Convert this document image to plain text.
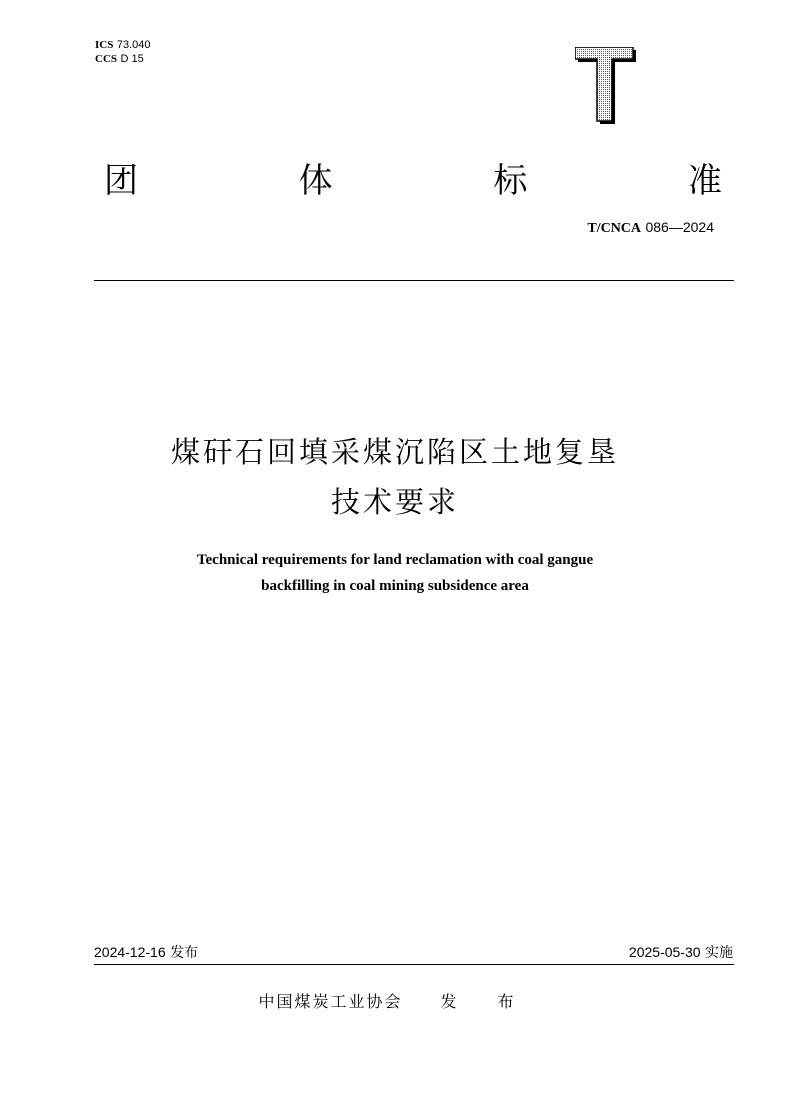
ICS 73.040
CCS D 15
团	体	标	准
T/CNCA 086—2024
煤矸石回填采煤沉陷区土地复垦
技术要求
Technical requirements for land reclamation with coal gangue
backfilling in coal mining subsidence area
2024-12-16 发布	2025-05-30 实施
中国煤炭工业协会 发 布
